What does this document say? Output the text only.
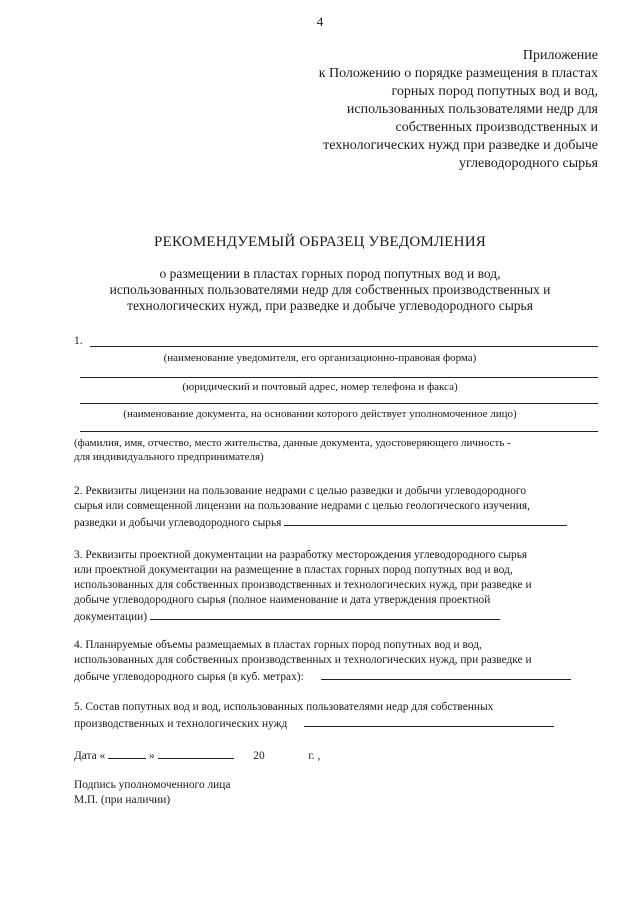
4
Приложение
к Положению о порядке размещения в пластах
горных пород попутных вод и вод,
использованных пользователями недр для
собственных производственных и
технологических нужд при разведке и добыче
углеводородного сырья
РЕКОМЕНДУЕМЫЙ ОБРАЗЕЦ УВЕДОМЛЕНИЯ
о размещении в пластах горных пород попутных вод и вод,
использованных пользователями недр для собственных производственных и
технологических нужд, при разведке и добыче углеводородного сырья
1.
(наименование уведомителя, его организационно-правовая форма)
(юридический и почтовый адрес, номер телефона и факса)
(наименование документа, на основании которого действует уполномоченное лицо)
(фамилия, имя, отчество, место жительства, данные документа, удостоверяющего личность -
для индивидуального предпринимателя)
2. Реквизиты лицензии на пользование недрами с целью разведки и добычи углеводородного
сырья или совмещенной лицензии на пользование недрами с целью геологического изучения,
разведки и добычи углеводородного сырья
3. Реквизиты проектной документации на разработку месторождения углеводородного сырья
или проектной документации на размещение в пластах горных пород попутных вод и вод,
использованных для собственных производственных и технологических нужд, при разведке и
добыче углеводородного сырья (полное наименование и дата утверждения проектной
документации)
4. Планируемые объемы размещаемых в пластах горных пород попутных вод и вод,
использованных для собственных производственных и технологических нужд, при разведке и
добыче углеводородного сырья (в куб. метрах):
5. Состав попутных вод и вод, использованных пользователями недр для собственных
производственных и технологических нужд
Дата «	»	20	г. ,
Подпись уполномоченного лица
М.П. (при наличии)
